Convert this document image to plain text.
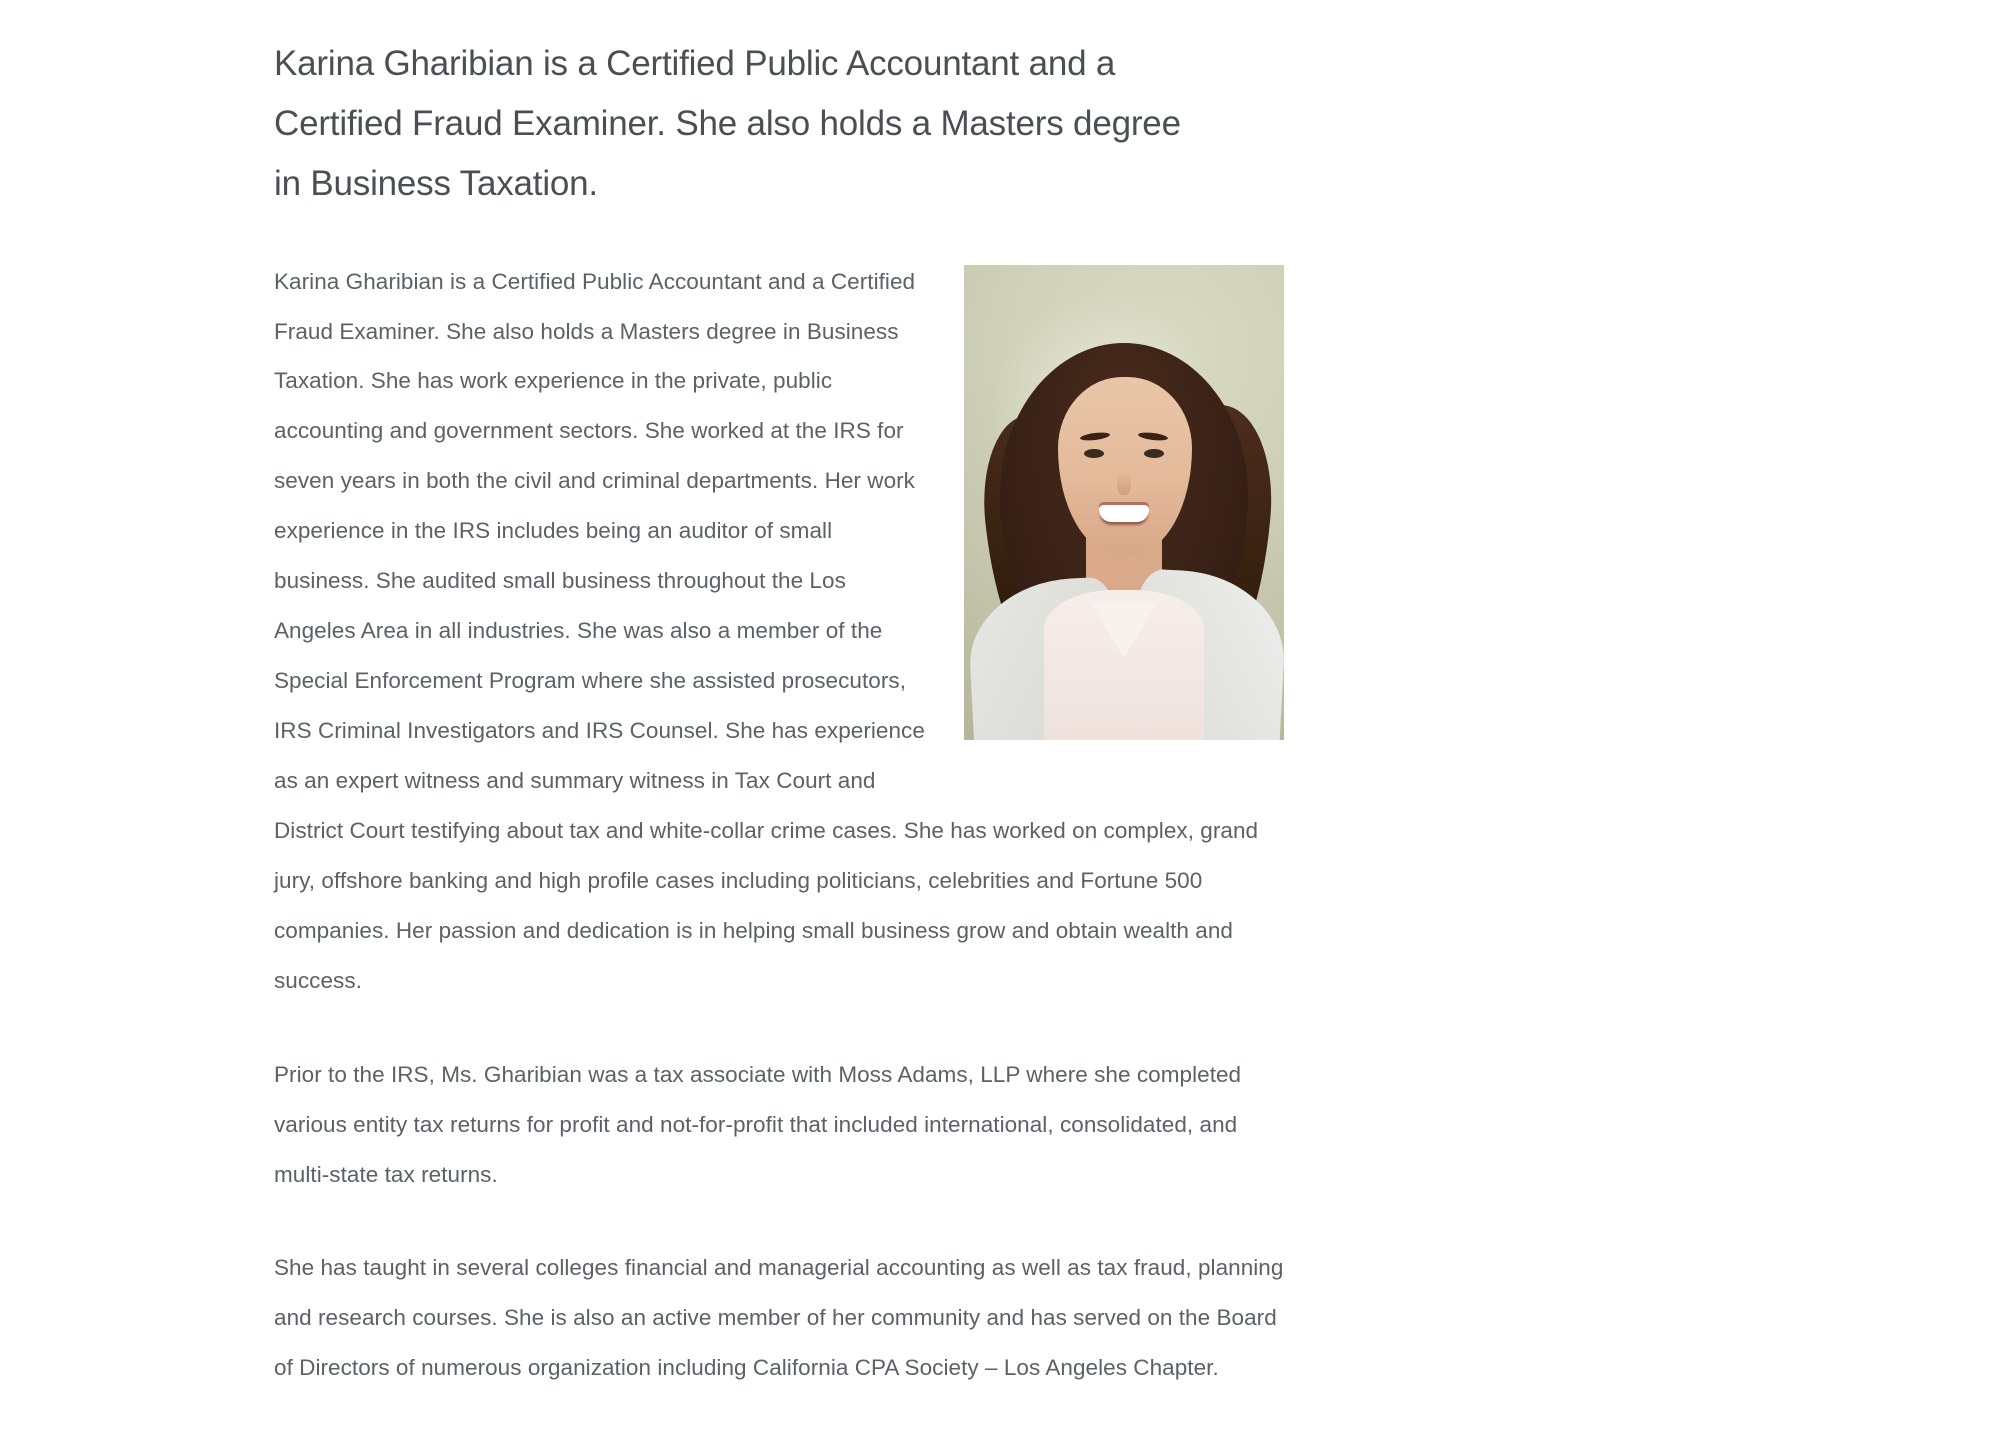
Karina Gharibian is a Certified Public Accountant and a Certified Fraud Examiner. She also holds a Masters degree in Business Taxation.

Karina Gharibian is a Certified Public Accountant and a Certified Fraud Examiner. She also holds a Masters degree in Business Taxation. She has work experience in the private, public accounting and government sectors. She worked at the IRS for seven years in both the civil and criminal departments. Her work experience in the IRS includes being an auditor of small business. She audited small business throughout the Los Angeles Area in all industries. She was also a member of the Special Enforcement Program where she assisted prosecutors, IRS Criminal Investigators and IRS Counsel. She has experience as an expert witness and summary witness in Tax Court and District Court testifying about tax and white-collar crime cases. She has worked on complex, grand jury, offshore banking and high profile cases including politicians, celebrities and Fortune 500 companies. Her passion and dedication is in helping small business grow and obtain wealth and success.

Prior to the IRS, Ms. Gharibian was a tax associate with Moss Adams, LLP where she completed various entity tax returns for profit and not-for-profit that included international, consolidated, and multi-state tax returns.

She has taught in several colleges financial and managerial accounting as well as tax fraud, planning and research courses. She is also an active member of her community and has served on the Board of Directors of numerous organization including California CPA Society – Los Angeles Chapter.
